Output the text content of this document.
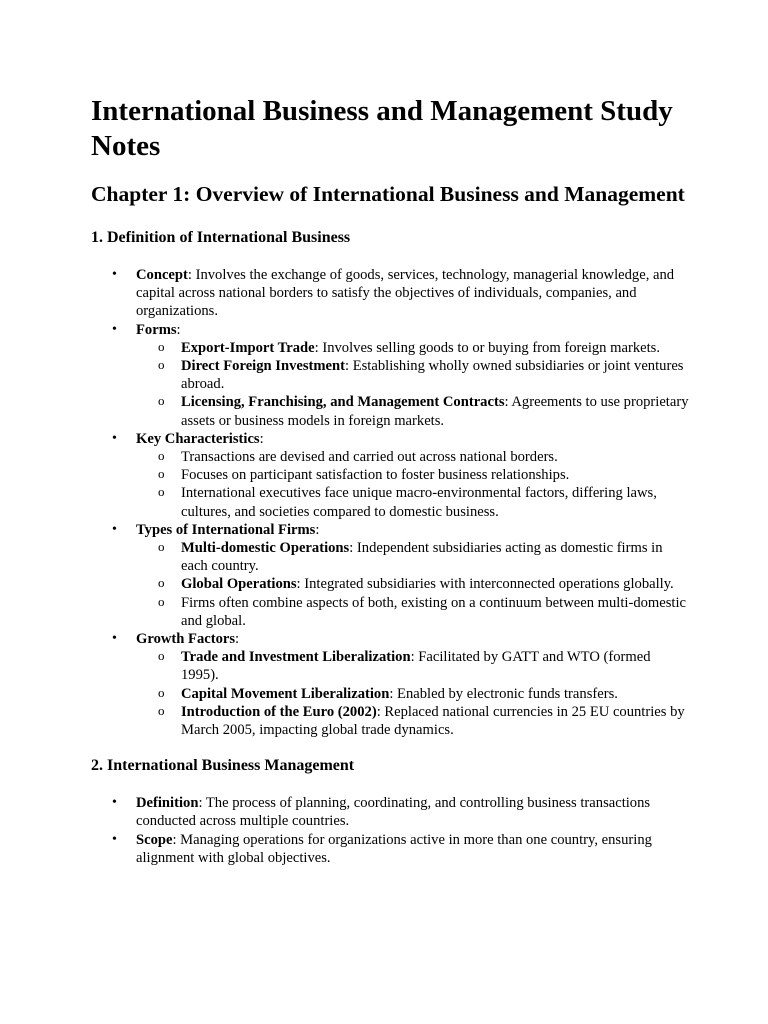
International Business and Management Study Notes
Chapter 1: Overview of International Business and Management
1. Definition of International Business
• Concept: Involves the exchange of goods, services, technology, managerial knowledge, and capital across national borders to satisfy the objectives of individuals, companies, and organizations.
• Forms:
o Export-Import Trade: Involves selling goods to or buying from foreign markets.
o Direct Foreign Investment: Establishing wholly owned subsidiaries or joint ventures abroad.
o Licensing, Franchising, and Management Contracts: Agreements to use proprietary assets or business models in foreign markets.
• Key Characteristics:
o Transactions are devised and carried out across national borders.
o Focuses on participant satisfaction to foster business relationships.
o International executives face unique macro-environmental factors, differing laws, cultures, and societies compared to domestic business.
• Types of International Firms:
o Multi-domestic Operations: Independent subsidiaries acting as domestic firms in each country.
o Global Operations: Integrated subsidiaries with interconnected operations globally.
o Firms often combine aspects of both, existing on a continuum between multi-domestic and global.
• Growth Factors:
o Trade and Investment Liberalization: Facilitated by GATT and WTO (formed 1995).
o Capital Movement Liberalization: Enabled by electronic funds transfers.
o Introduction of the Euro (2002): Replaced national currencies in 25 EU countries by March 2005, impacting global trade dynamics.
2. International Business Management
• Definition: The process of planning, coordinating, and controlling business transactions conducted across multiple countries.
• Scope: Managing operations for organizations active in more than one country, ensuring alignment with global objectives.
